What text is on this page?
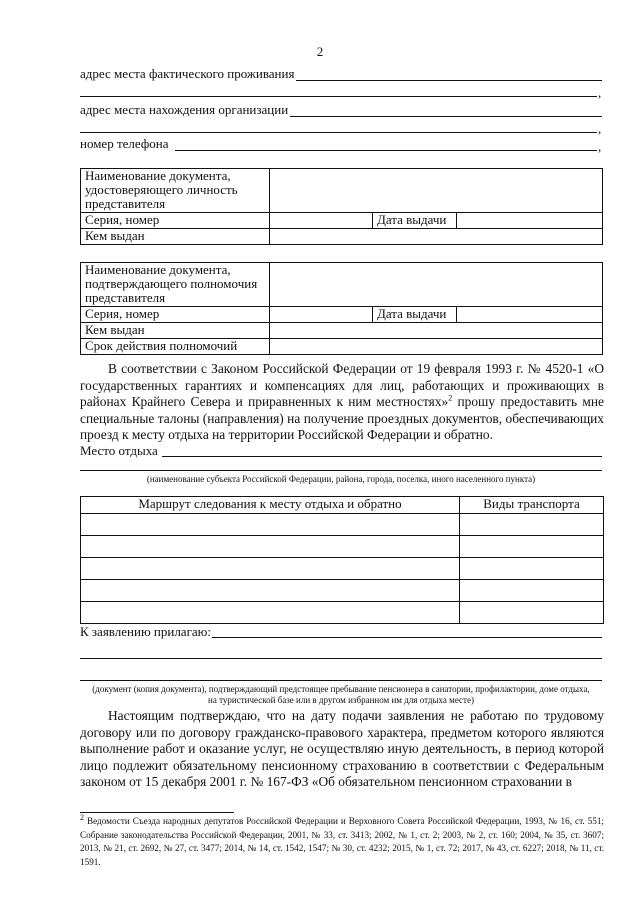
2
адрес места фактического проживания
,
адрес места нахождения организации
,
номер телефона	,
Наименование документа, удостоверяющего личность представителя			
Серия, номер		Дата выдачи	
Кем выдан			
Наименование документа, подтверждающего полномочия представителя			
Серия, номер		Дата выдачи	
Кем выдан			
Срок действия полномочий			
В соответствии с Законом Российской Федерации от 19 февраля 1993 г. № 4520-1 «О государственных гарантиях и компенсациях для лиц, работающих и проживающих в районах Крайнего Севера и приравненных к ним местностях»$^2$ прошу предоставить мне специальные талоны (направления) на получение проездных документов, обеспечивающих проезд к месту отдыха на территории Российской Федерации и обратно.
Место отдыха
(наименование субъекта Российской Федерации, района, города, поселка, иного населенного пункта)
Маршрут следования к месту отдыха и обратно	Виды транспорта

К заявлению прилагаю:
(документ (копия документа), подтверждающий предстоящее пребывание пенсионера в санатории, профилактории, доме отдыха, на туристической базе или в другом избранном им для отдыха месте)
Настоящим подтверждаю, что на дату подачи заявления не работаю по трудовому договору или по договору гражданско-правового характера, предметом которого являются выполнение работ и оказание услуг, не осуществляю иную деятельность, в период которой лицо подлежит обязательному пенсионному страхованию в соответствии с Федеральным законом от 15 декабря 2001 г. № 167-ФЗ «Об обязательном пенсионном страховании в
$^2$ Ведомости Съезда народных депутатов Российской Федерации и Верховного Совета Российской Федерации, 1993, № 16, ст. 551; Собрание законодательства Российской Федерации, 2001, № 33, ст. 3413; 2002, № 1, ст. 2; 2003, № 2, ст. 160; 2004, № 35, ст. 3607; 2013, № 21, ст. 2692, № 27, ст. 3477; 2014, № 14, ст. 1542, 1547; № 30, ст. 4232; 2015, № 1, ст. 72; 2017, № 43, ст. 6227; 2018, № 11, ст. 1591.
